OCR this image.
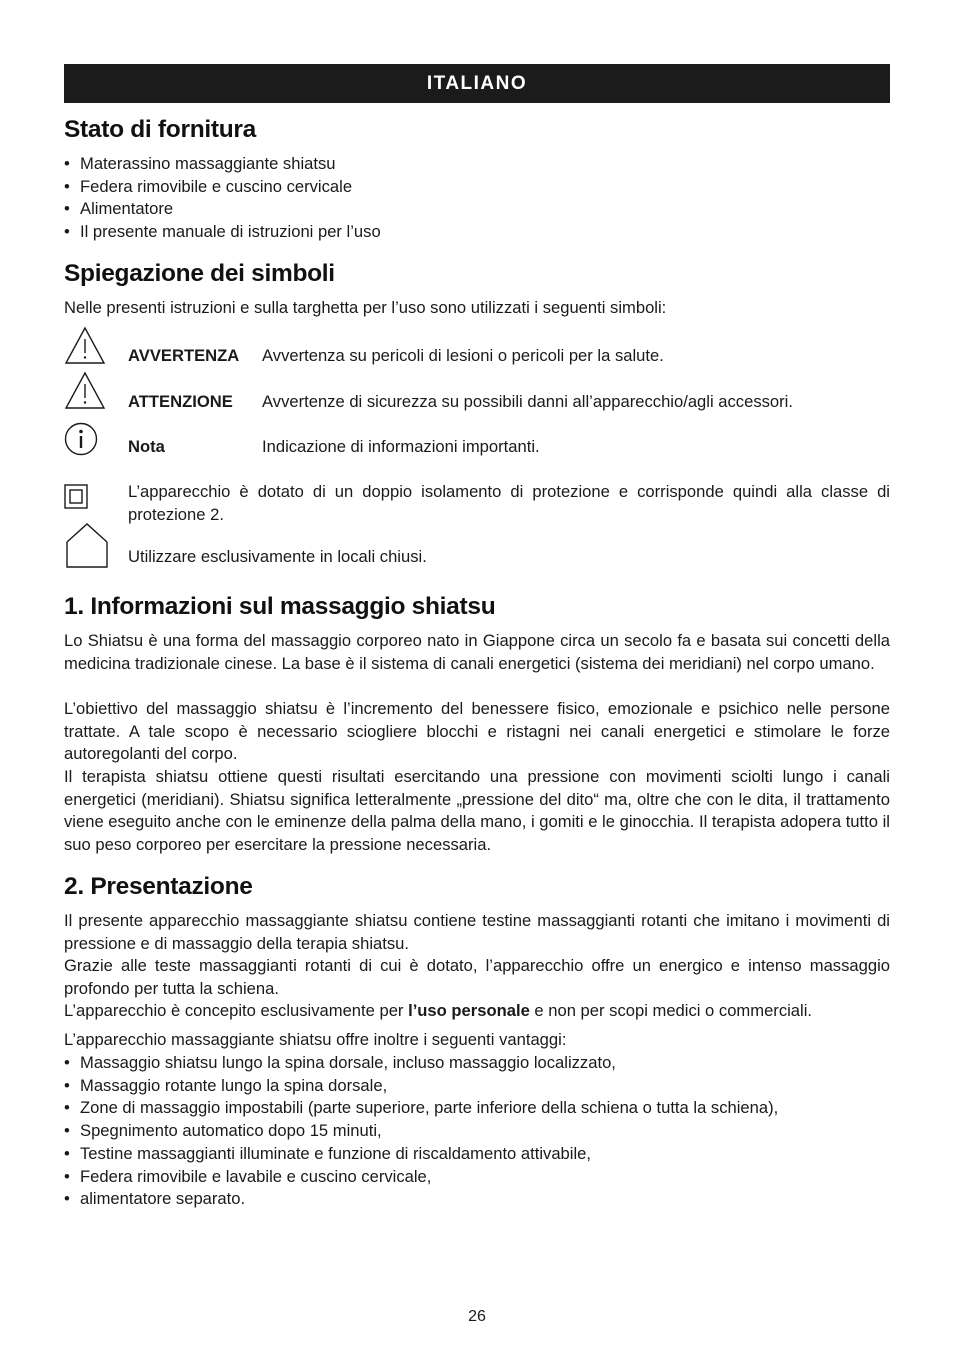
ITALIANO
Stato di fornitura
• Materassino massaggiante shiatsu
• Federa rimovibile e cuscino cervicale
• Alimentatore
• Il presente manuale di istruzioni per l’uso
Spiegazione dei simboli
Nelle presenti istruzioni e sulla targhetta per l’uso sono utilizzati i seguenti simboli:
AVVERTENZA Avvertenza su pericoli di lesioni o pericoli per la salute.
ATTENZIONE Avvertenze di sicurezza su possibili danni all’apparecchio/agli accessori.
Nota	Indicazione di informazioni importanti.
L’apparecchio è dotato di un doppio isolamento di protezione e corrisponde quindi alla classe di protezione 2.
Utilizzare esclusivamente in locali chiusi.
1. Informazioni sul massaggio shiatsu
Lo Shiatsu è una forma del massaggio corporeo nato in Giappone circa un secolo fa e basata sui concetti della medicina tradizionale cinese. La base è il sistema di canali energetici (sistema dei meridiani) nel corpo umano.
L’obiettivo del massaggio shiatsu è l’incremento del benessere fisico, emozionale e psichico nelle persone trattate. A tale scopo è necessario sciogliere blocchi e ristagni nei canali energetici e stimolare le forze autoregolanti del corpo.
Il terapista shiatsu ottiene questi risultati esercitando una pressione con movimenti sciolti lungo i canali energetici (meridiani). Shiatsu significa letteralmente „pressione del dito“ ma, oltre che con le dita, il trattamento viene eseguito anche con le eminenze della palma della mano, i gomiti e le ginocchia. Il terapista adopera tutto il suo peso corporeo per esercitare la pressione necessaria.
2. Presentazione
Il presente apparecchio massaggiante shiatsu contiene testine massaggianti rotanti che imitano i movimenti di pressione e di massaggio della terapia shiatsu.
Grazie alle teste massaggianti rotanti di cui è dotato, l’apparecchio offre un energico e intenso massaggio profondo per tutta la schiena.
L’apparecchio è concepito esclusivamente per l’uso personale e non per scopi medici o commerciali.
L’apparecchio massaggiante shiatsu offre inoltre i seguenti vantaggi:
• Massaggio shiatsu lungo la spina dorsale, incluso massaggio localizzato,
• Massaggio rotante lungo la spina dorsale,
• Zone di massaggio impostabili (parte superiore, parte inferiore della schiena o tutta la schiena),
• Spegnimento automatico dopo 15 minuti,
• Testine massaggianti illuminate e funzione di riscaldamento attivabile,
• Federa rimovibile e lavabile e cuscino cervicale,
• alimentatore separato.
26
